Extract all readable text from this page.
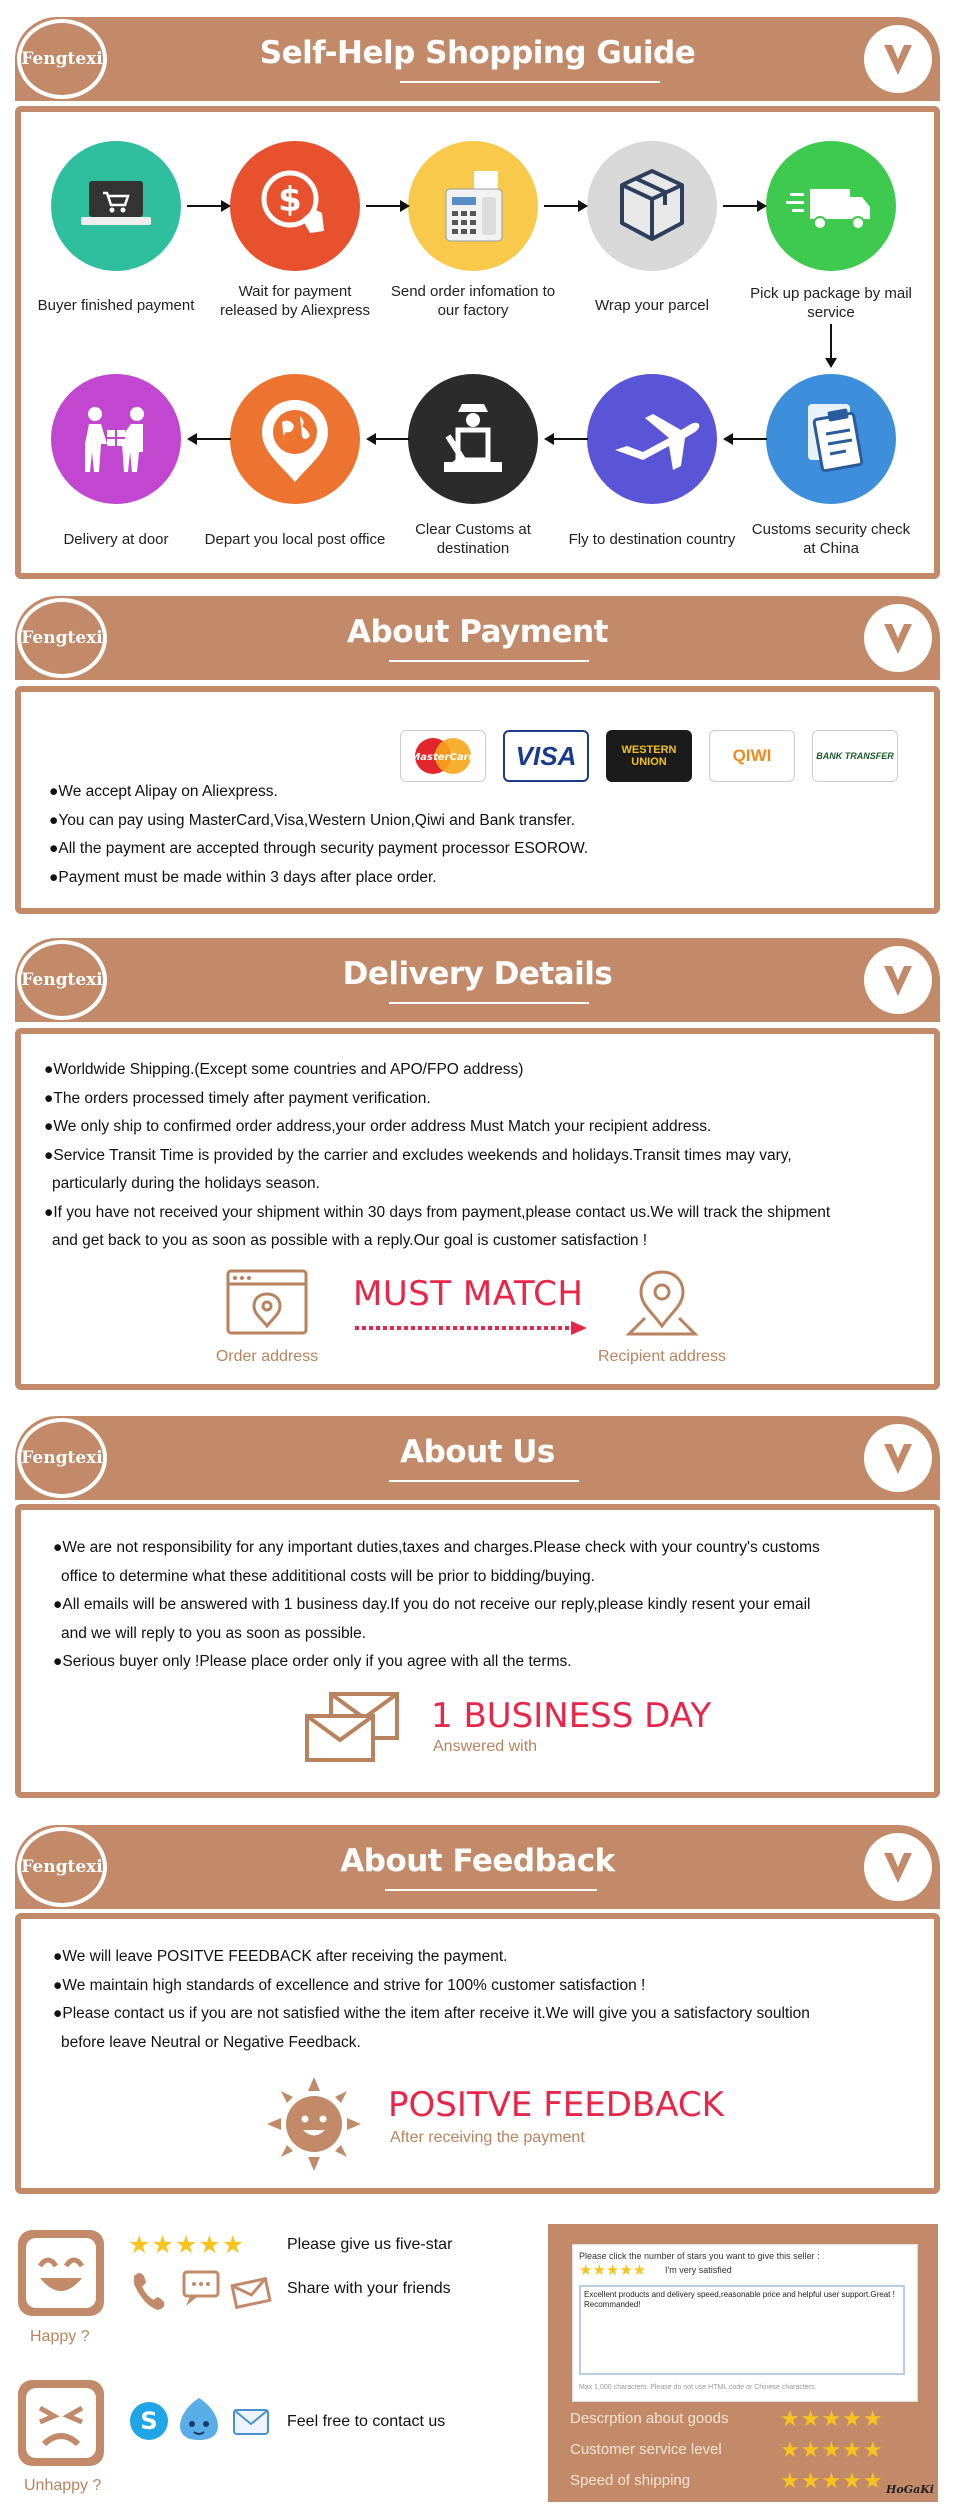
Fengtexi	Self-Help Shopping Guide
$
Buyer finished payment
Wait for payment released by Aliexpress
Send order infomation to our factory	Wrap your parcel
Pick up package by mail service
Customs security check at China
Fly to destination country
Clear Customs at destination
Depart you local post office
Delivery at door
Fengtexi	About Payment
MasterCard	VISA	WESTERN UNION	QIWI	BANK TRANSFER
●We accept Alipay on Aliexpress.
●You can pay using MasterCard,Visa,Western Union,Qiwi and Bank transfer.
●All the payment are accepted through security payment processor ESOROW.
●Payment must be made within 3 days after place order.
Fengtexi	Delivery Details
●Worldwide Shipping.(Except some countries and APO/FPO address)
●The orders processed timely after payment verification.
●We only ship to confirmed order address,your order address Must Match your recipient address.
●Service Transit Time is provided by the carrier and excludes weekends and holidays.Transit times may vary,
particularly during the holidays season.
●If you have not received your shipment within 30 days from payment,please contact us.We will track the shipment
and get back to you as soon as possible with a reply.Our goal is customer satisfaction !
Order address
MUST MATCH
Recipient address
Fengtexi	About Us
●We are not responsibility for any important duties,taxes and charges.Please check with your country's customs
office to determine what these addititional costs will be prior to bidding/buying.
●All emails will be answered with 1 business day.If you do not receive our reply,please kindly resent your email
and we will reply to you as soon as possible.
●Serious buyer only !Please place order only if you agree with all the terms.
1 BUSINESS DAY
Answered with
Fengtexi	About Feedback
●We will leave POSITVE FEEDBACK after receiving the payment.
●We maintain high standards of excellence and strive for 100% customer satisfaction !
●Please contact us if you are not satisfied withe the item after receive it.We will give you a satisfactory soultion
before leave Neutral or Negative Feedback.
POSITVE FEEDBACK
After receiving the payment
Happy ?
★★★★★	Please give us five-star
Share with your friends
Unhappy ?
S	Feel free to contact us
Please click the number of stars you want to give this seller :
★★★★★ I'm very satisfied
Excellent products and delivery speed,reasonable price and helpful user support.Great ! Recommanded!
Max 1,000 characters. Please do not use HTML code or Chinese characters.
Descrption about goods ★★★★★
Customer service level	★★★★★
Speed of shipping	★★★★★ HoGaKi
